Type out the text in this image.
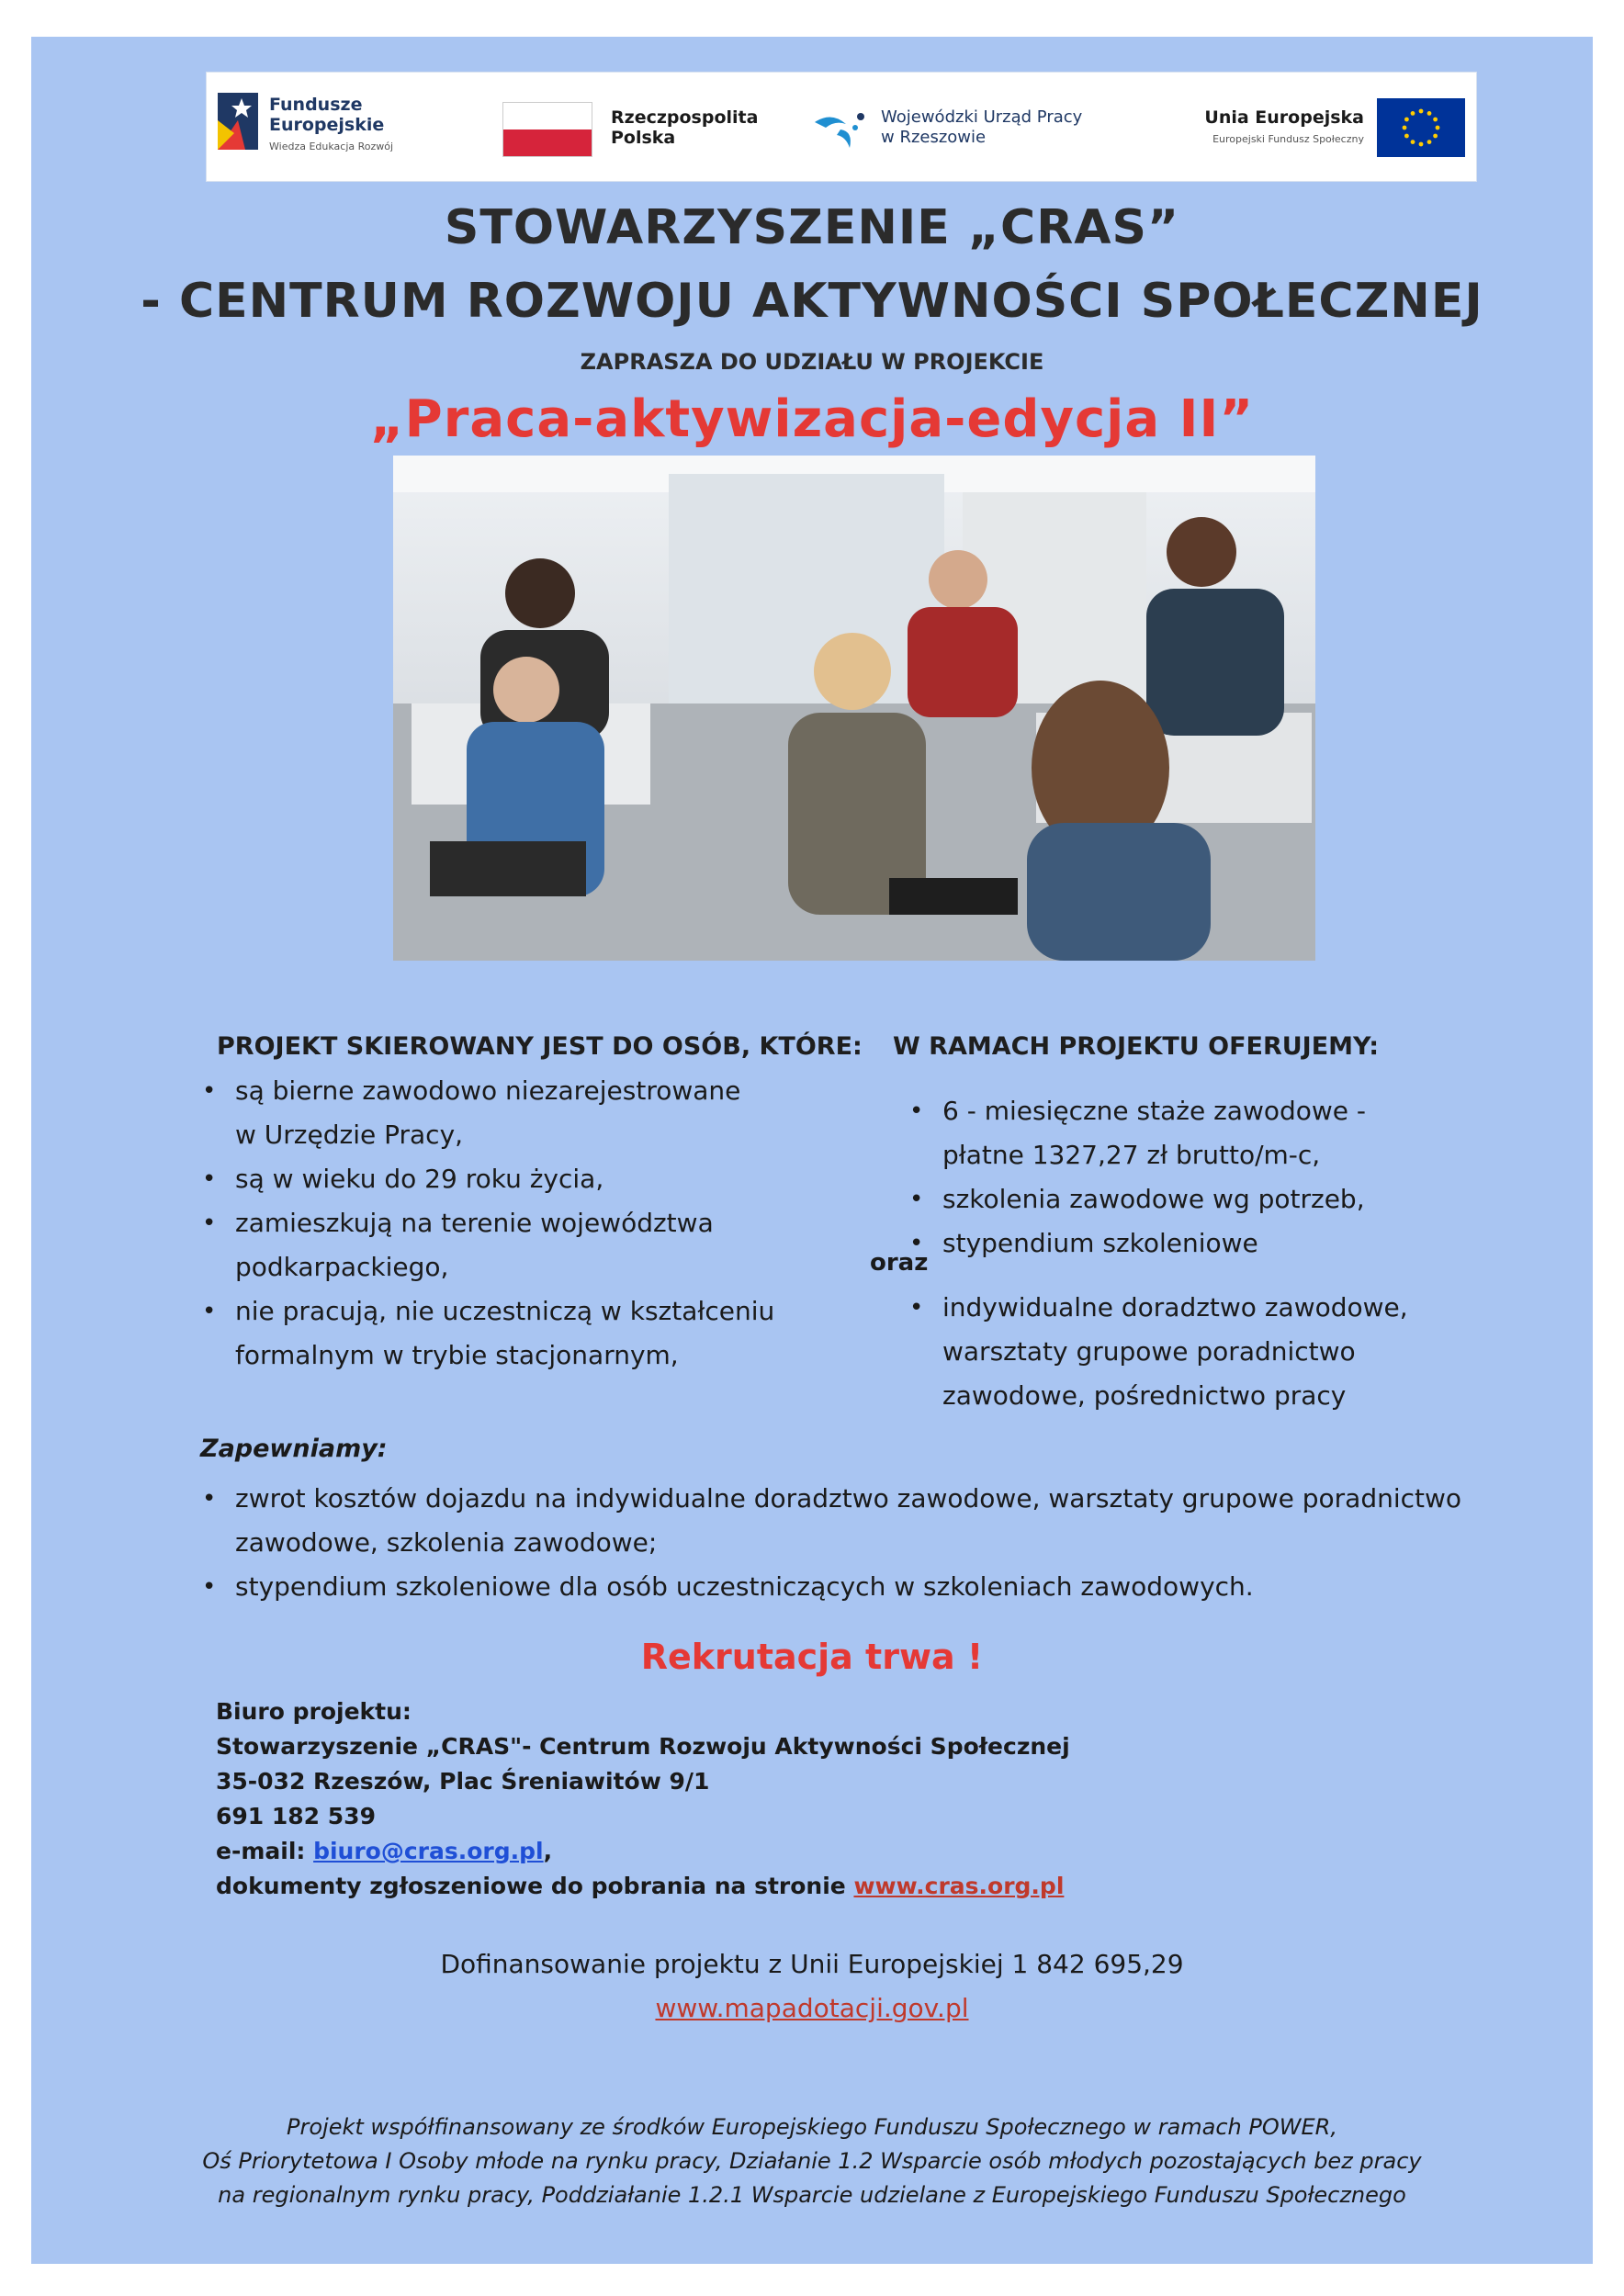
Fundusze
Europejskie
Wiedza Edukacja Rozwój
Rzeczpospolita
Polska
Wojewódzki Urząd Pracy
w Rzeszowie
Unia Europejska
Europejski Fundusz Społeczny
STOWARZYSZENIE „CRAS”
- CENTRUM ROZWOJU AKTYWNOŚCI SPOŁECZNEJ
ZAPRASZA DO UDZIAŁU W PROJEKCIE
„Praca-aktywizacja-edycja II”
PROJEKT SKIEROWANY JEST DO OSÓB, KTÓRE:
• są bierne zawodowo niezarejestrowane
w Urzędzie Pracy,
• są w wieku do 29 roku życia,
• zamieszkują na terenie województwa
podkarpackiego,
• nie pracują, nie uczestniczą w kształceniu
formalnym w trybie stacjonarnym,
W RAMACH PROJEKTU OFERUJEMY:
• 6 - miesięczne staże zawodowe -
płatne 1327,27 zł brutto/m-c,
• szkolenia zawodowe wg potrzeb,
• stypendium szkoleniowe
oraz
• indywidualne doradztwo zawodowe,
warsztaty grupowe poradnictwo
zawodowe, pośrednictwo pracy
Zapewniamy:
• zwrot kosztów dojazdu na indywidualne doradztwo zawodowe, warsztaty grupowe poradnictwo
zawodowe, szkolenia zawodowe;
• stypendium szkoleniowe dla osób uczestniczących w szkoleniach zawodowych.
Rekrutacja trwa !
Biuro projektu:
Stowarzyszenie „CRAS"- Centrum Rozwoju Aktywności Społecznej
35-032 Rzeszów, Plac Śreniawitów 9/1
691 182 539
e-mail: biuro@cras.org.pl,
dokumenty zgłoszeniowe do pobrania na stronie www.cras.org.pl
Dofinansowanie projektu z Unii Europejskiej 1 842 695,29
www.mapadotacji.gov.pl
Projekt współfinansowany ze środków Europejskiego Funduszu Społecznego w ramach POWER,
Oś Priorytetowa I Osoby młode na rynku pracy, Działanie 1.2 Wsparcie osób młodych pozostających bez pracy
na regionalnym rynku pracy, Poddziałanie 1.2.1 Wsparcie udzielane z Europejskiego Funduszu Społecznego
